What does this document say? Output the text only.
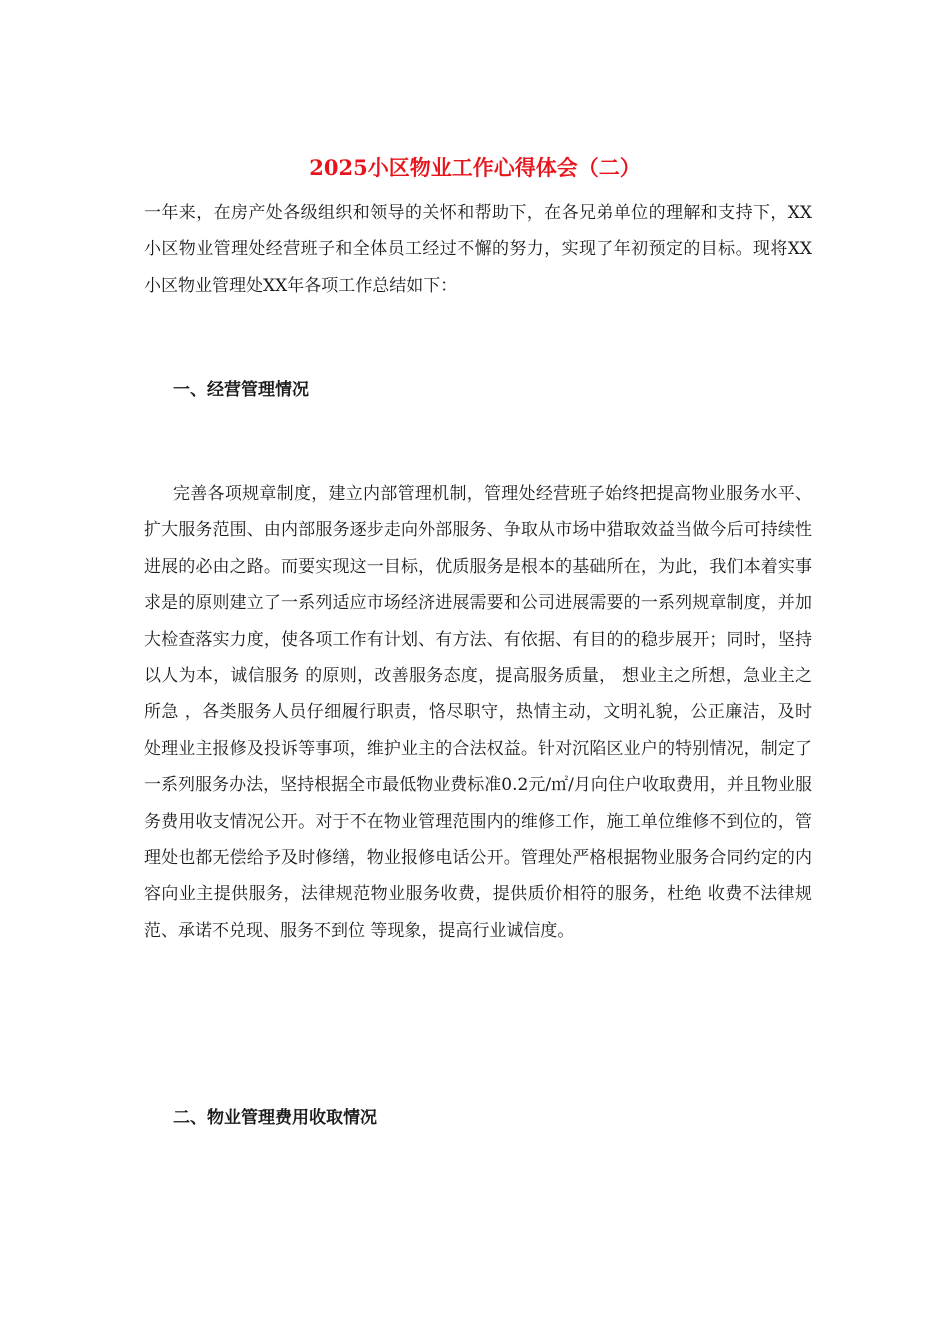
2025小区物业工作心得体会（二）

一年来，在房产处各级组织和领导的关怀和帮助下，在各兄弟单位的理解和支持下，XX小区物业管理处经营班子和全体员工经过不懈的努力，实现了年初预定的目标。现将XX小区物业管理处XX年各项工作总结如下：

一、经营管理情况

完善各项规章制度，建立内部管理机制，管理处经营班子始终把提高物业服务水平、扩大服务范围、由内部服务逐步走向外部服务、争取从市场中猎取效益当做今后可持续性进展的必由之路。而要实现这一目标，优质服务是根本的基础所在，为此，我们本着实事求是的原则建立了一系列适应市场经济进展需要和公司进展需要的一系列规章制度，并加大检查落实力度，使各项工作有计划、有方法、有依据、有目的的稳步展开；同时，坚持 以人为本，诚信服务 的原则，改善服务态度，提高服务质量， 想业主之所想，急业主之所急 ，各类服务人员仔细履行职责，恪尽职守，热情主动，文明礼貌，公正廉洁，及时处理业主报修及投诉等事项，维护业主的合法权益。针对沉陷区业户的特别情况，制定了一系列服务办法，坚持根据全市最低物业费标准0.2元/㎡/月向住户收取费用，并且物业服务费用收支情况公开。对于不在物业管理范围内的维修工作，施工单位维修不到位的，管理处也都无偿给予及时修缮，物业报修电话公开。管理处严格根据物业服务合同约定的内容向业主提供服务，法律规范物业服务收费，提供质价相符的服务，杜绝 收费不法律规范、承诺不兑现、服务不到位 等现象，提高行业诚信度。

二、物业管理费用收取情况
